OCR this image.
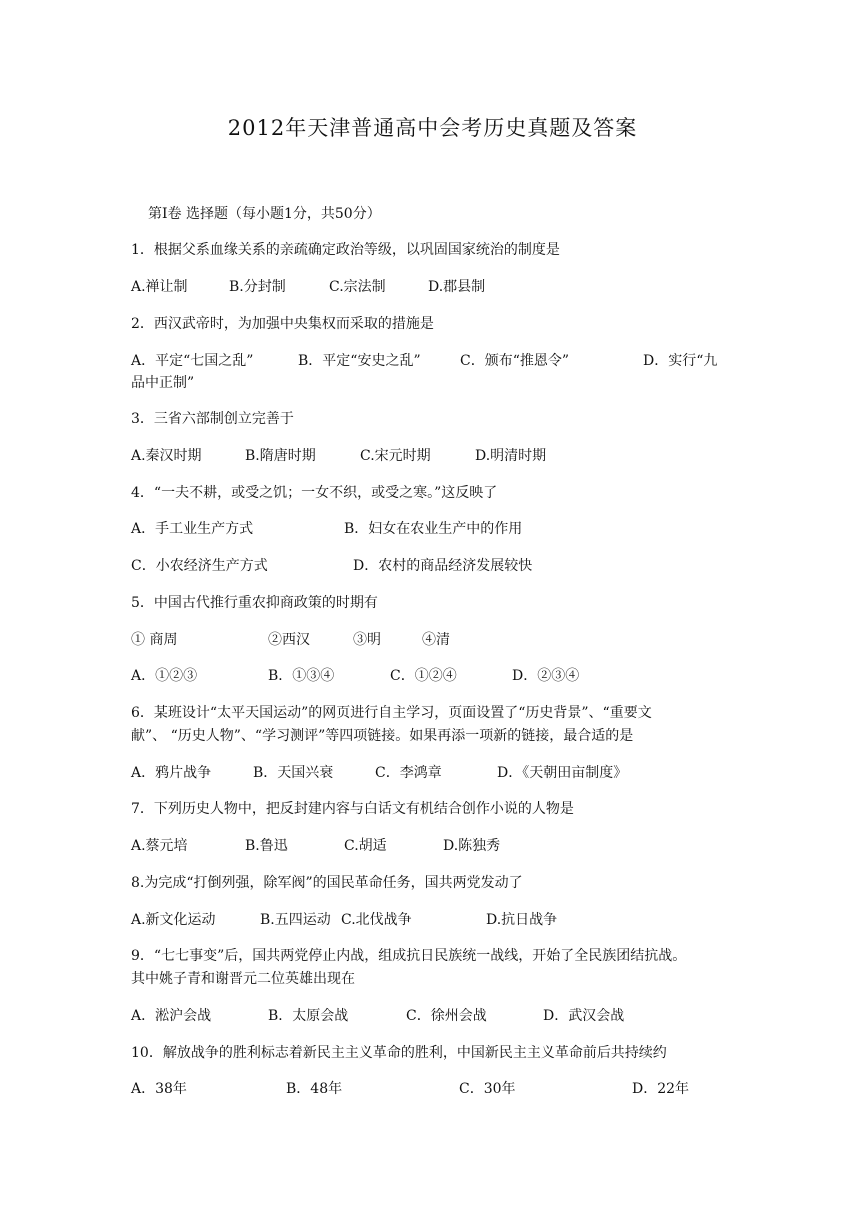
2012年天津普通高中会考历史真题及答案
第Ⅰ卷 选择题（每小题1分，共50分）
1．根据父系血缘关系的亲疏确定政治等级，以巩固国家统治的制度是
A.禅让制	B.分封制	C.宗法制	D.郡县制
2．西汉武帝时，为加强中央集权而采取的措施是
A．平定“七国之乱”	B．平定“安史之乱”	C．颁布“推恩令”	D．实行“九
品中正制”
3．三省六部制创立完善于
A.秦汉时期	B.隋唐时期	C.宋元时期	D.明清时期
4．“一夫不耕，或受之饥；一女不织，或受之寒。”这反映了
A．手工业生产方式	B．妇女在农业生产中的作用
C．小农经济生产方式	D．农村的商品经济发展较快
5．中国古代推行重农抑商政策的时期有
① 商周	②西汉	③明	④清
A．①②③	B．①③④	C．①②④	D．②③④
6．某班设计“太平天国运动”的网页进行自主学习，页面设置了“历史背景”、“重要文
献”、 “历史人物”、“学习测评”等四项链接。如果再添一项新的链接，最合适的是
A．鸦片战争	B．天国兴衰	C．李鸿章	D．《天朝田亩制度》
7．下列历史人物中，把反封建内容与白话文有机结合创作小说的人物是
A.蔡元培	B.鲁迅	C.胡适	D.陈独秀
8.为完成“打倒列强，除军阀”的国民革命任务，国共两党发动了
A.新文化运动	B.五四运动 C.北伐战争	D.抗日战争
9．“七七事变”后，国共两党停止内战，组成抗日民族统一战线，开始了全民族团结抗战。
其中姚子青和谢晋元二位英雄出现在
A．淞沪会战	B．太原会战	C．徐州会战	D．武汉会战
10．解放战争的胜利标志着新民主主义革命的胜利，中国新民主主义革命前后共持续约
A．38年	B．48年	C．30年	D．22年
